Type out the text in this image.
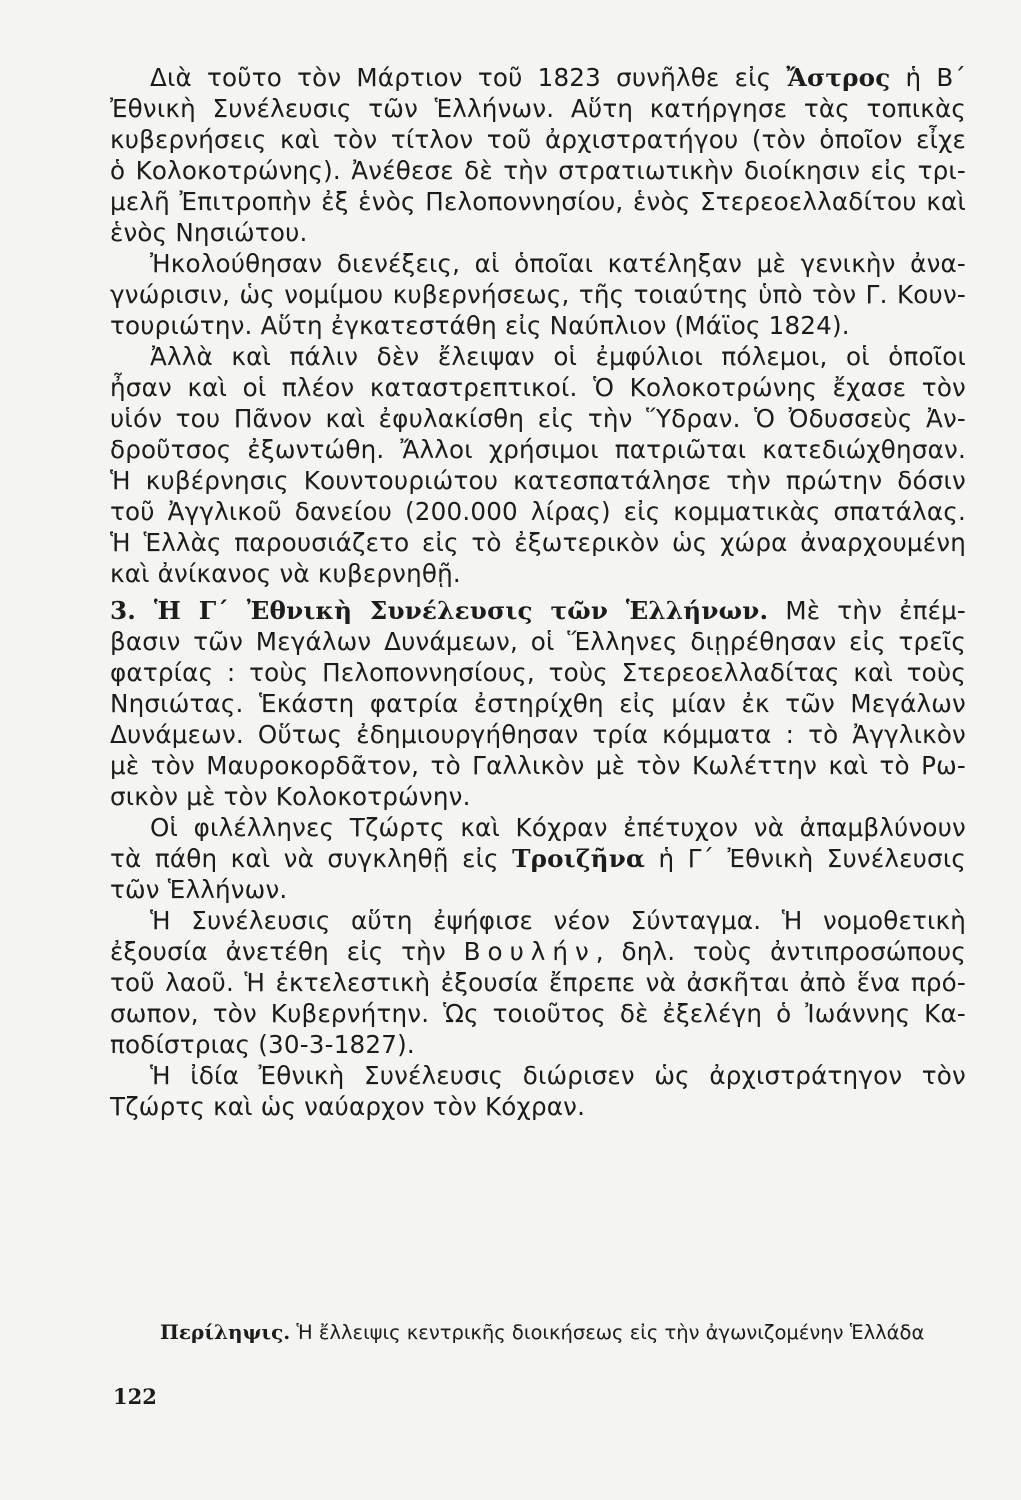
Διὰ τοῦτο τὸν Μάρτιον τοῦ 1823 συνῆλθε εἰς Ἄστρος ἡ Β΄
Ἐθνικὴ Συνέλευσις τῶν Ἑλλήνων. Αὕτη κατήργησε τὰς τοπικὰς
κυβερνήσεις καὶ τὸν τίτλον τοῦ ἀρχιστρατήγου (τὸν ὁποῖον εἶχε
ὁ Κολοκοτρώνης). Ἀνέθεσε δὲ τὴν στρατιωτικὴν διοίκησιν εἰς τρι-
μελῆ Ἐπιτροπὴν ἐξ ἑνὸς Πελοποννησίου, ἑνὸς Στερεοελλαδίτου καὶ
ἑνὸς Νησιώτου.
Ἠκολούθησαν διενέξεις, αἱ ὁποῖαι κατέληξαν μὲ γενικὴν ἀνα-
γνώρισιν, ὡς νομίμου κυβερνήσεως, τῆς τοιαύτης ὑπὸ τὸν Γ. Κουν-
τουριώτην. Αὕτη ἐγκατεστάθη εἰς Ναύπλιον (Μάϊος 1824).
Ἀλλὰ καὶ πάλιν δὲν ἔλειψαν οἱ ἐμφύλιοι πόλεμοι, οἱ ὁποῖοι
ἦσαν καὶ οἱ πλέον καταστρεπτικοί. Ὁ Κολοκοτρώνης ἔχασε τὸν
υἱόν του Πᾶνον καὶ ἐφυλακίσθη εἰς τὴν Ὕδραν. Ὁ Ὀδυσσεὺς Ἀν-
δροῦτσος ἐξωντώθη. Ἄλλοι χρήσιμοι πατριῶται κατεδιώχθησαν.
Ἡ κυβέρνησις Κουντουριώτου κατεσπατάλησε τὴν πρώτην δόσιν
τοῦ Ἀγγλικοῦ δανείου (200.000 λίρας) εἰς κομματικὰς σπατάλας.
Ἡ Ἑλλὰς παρουσιάζετο εἰς τὸ ἐξωτερικὸν ὡς χώρα ἀναρχουμένη
καὶ ἀνίκανος νὰ κυβερνηθῇ.
3. Ἡ Γ΄ Ἐθνικὴ Συνέλευσις τῶν Ἑλλήνων. Μὲ τὴν ἐπέμ-
βασιν τῶν Μεγάλων Δυνάμεων, οἱ Ἕλληνες διῃρέθησαν εἰς τρεῖς
φατρίας : τοὺς Πελοποννησίους, τοὺς Στερεοελλαδίτας καὶ τοὺς
Νησιώτας. Ἑκάστη φατρία ἐστηρίχθη εἰς μίαν ἐκ τῶν Μεγάλων
Δυνάμεων. Οὕτως ἐδημιουργήθησαν τρία κόμματα : τὸ Ἀγγλικὸν
μὲ τὸν Μαυροκορδᾶτον, τὸ Γαλλικὸν μὲ τὸν Κωλέττην καὶ τὸ Ρω-
σικὸν μὲ τὸν Κολοκοτρώνην.
Οἱ φιλέλληνες Τζώρτς καὶ Κόχραν ἐπέτυχον νὰ ἀπαμβλύνουν
τὰ πάθη καὶ νὰ συγκληθῇ εἰς Τροιζῆνα ἡ Γ΄ Ἐθνικὴ Συνέλευσις
τῶν Ἑλλήνων.
Ἡ Συνέλευσις αὕτη ἐψήφισε νέον Σύνταγμα. Ἡ νομοθετικὴ
ἐξουσία ἀνετέθη εἰς τὴν Βουλήν, δηλ. τοὺς ἀντιπροσώπους
τοῦ λαοῦ. Ἡ ἐκτελεστικὴ ἐξουσία ἔπρεπε νὰ ἀσκῆται ἀπὸ ἕνα πρό-
σωπον, τὸν Κυβερνήτην. Ὡς τοιοῦτος δὲ ἐξελέγη ὁ Ἰωάννης Κα-
ποδίστριας (30-3-1827).
Ἡ ἰδία Ἐθνικὴ Συνέλευσις διώρισεν ὡς ἀρχιστράτηγον τὸν
Τζώρτς καὶ ὡς ναύαρχον τὸν Κόχραν.
Περίληψις. Ἡ ἔλλειψις κεντρικῆς διοικήσεως εἰς τὴν ἀγωνιζομένην Ἑλλάδα
122
